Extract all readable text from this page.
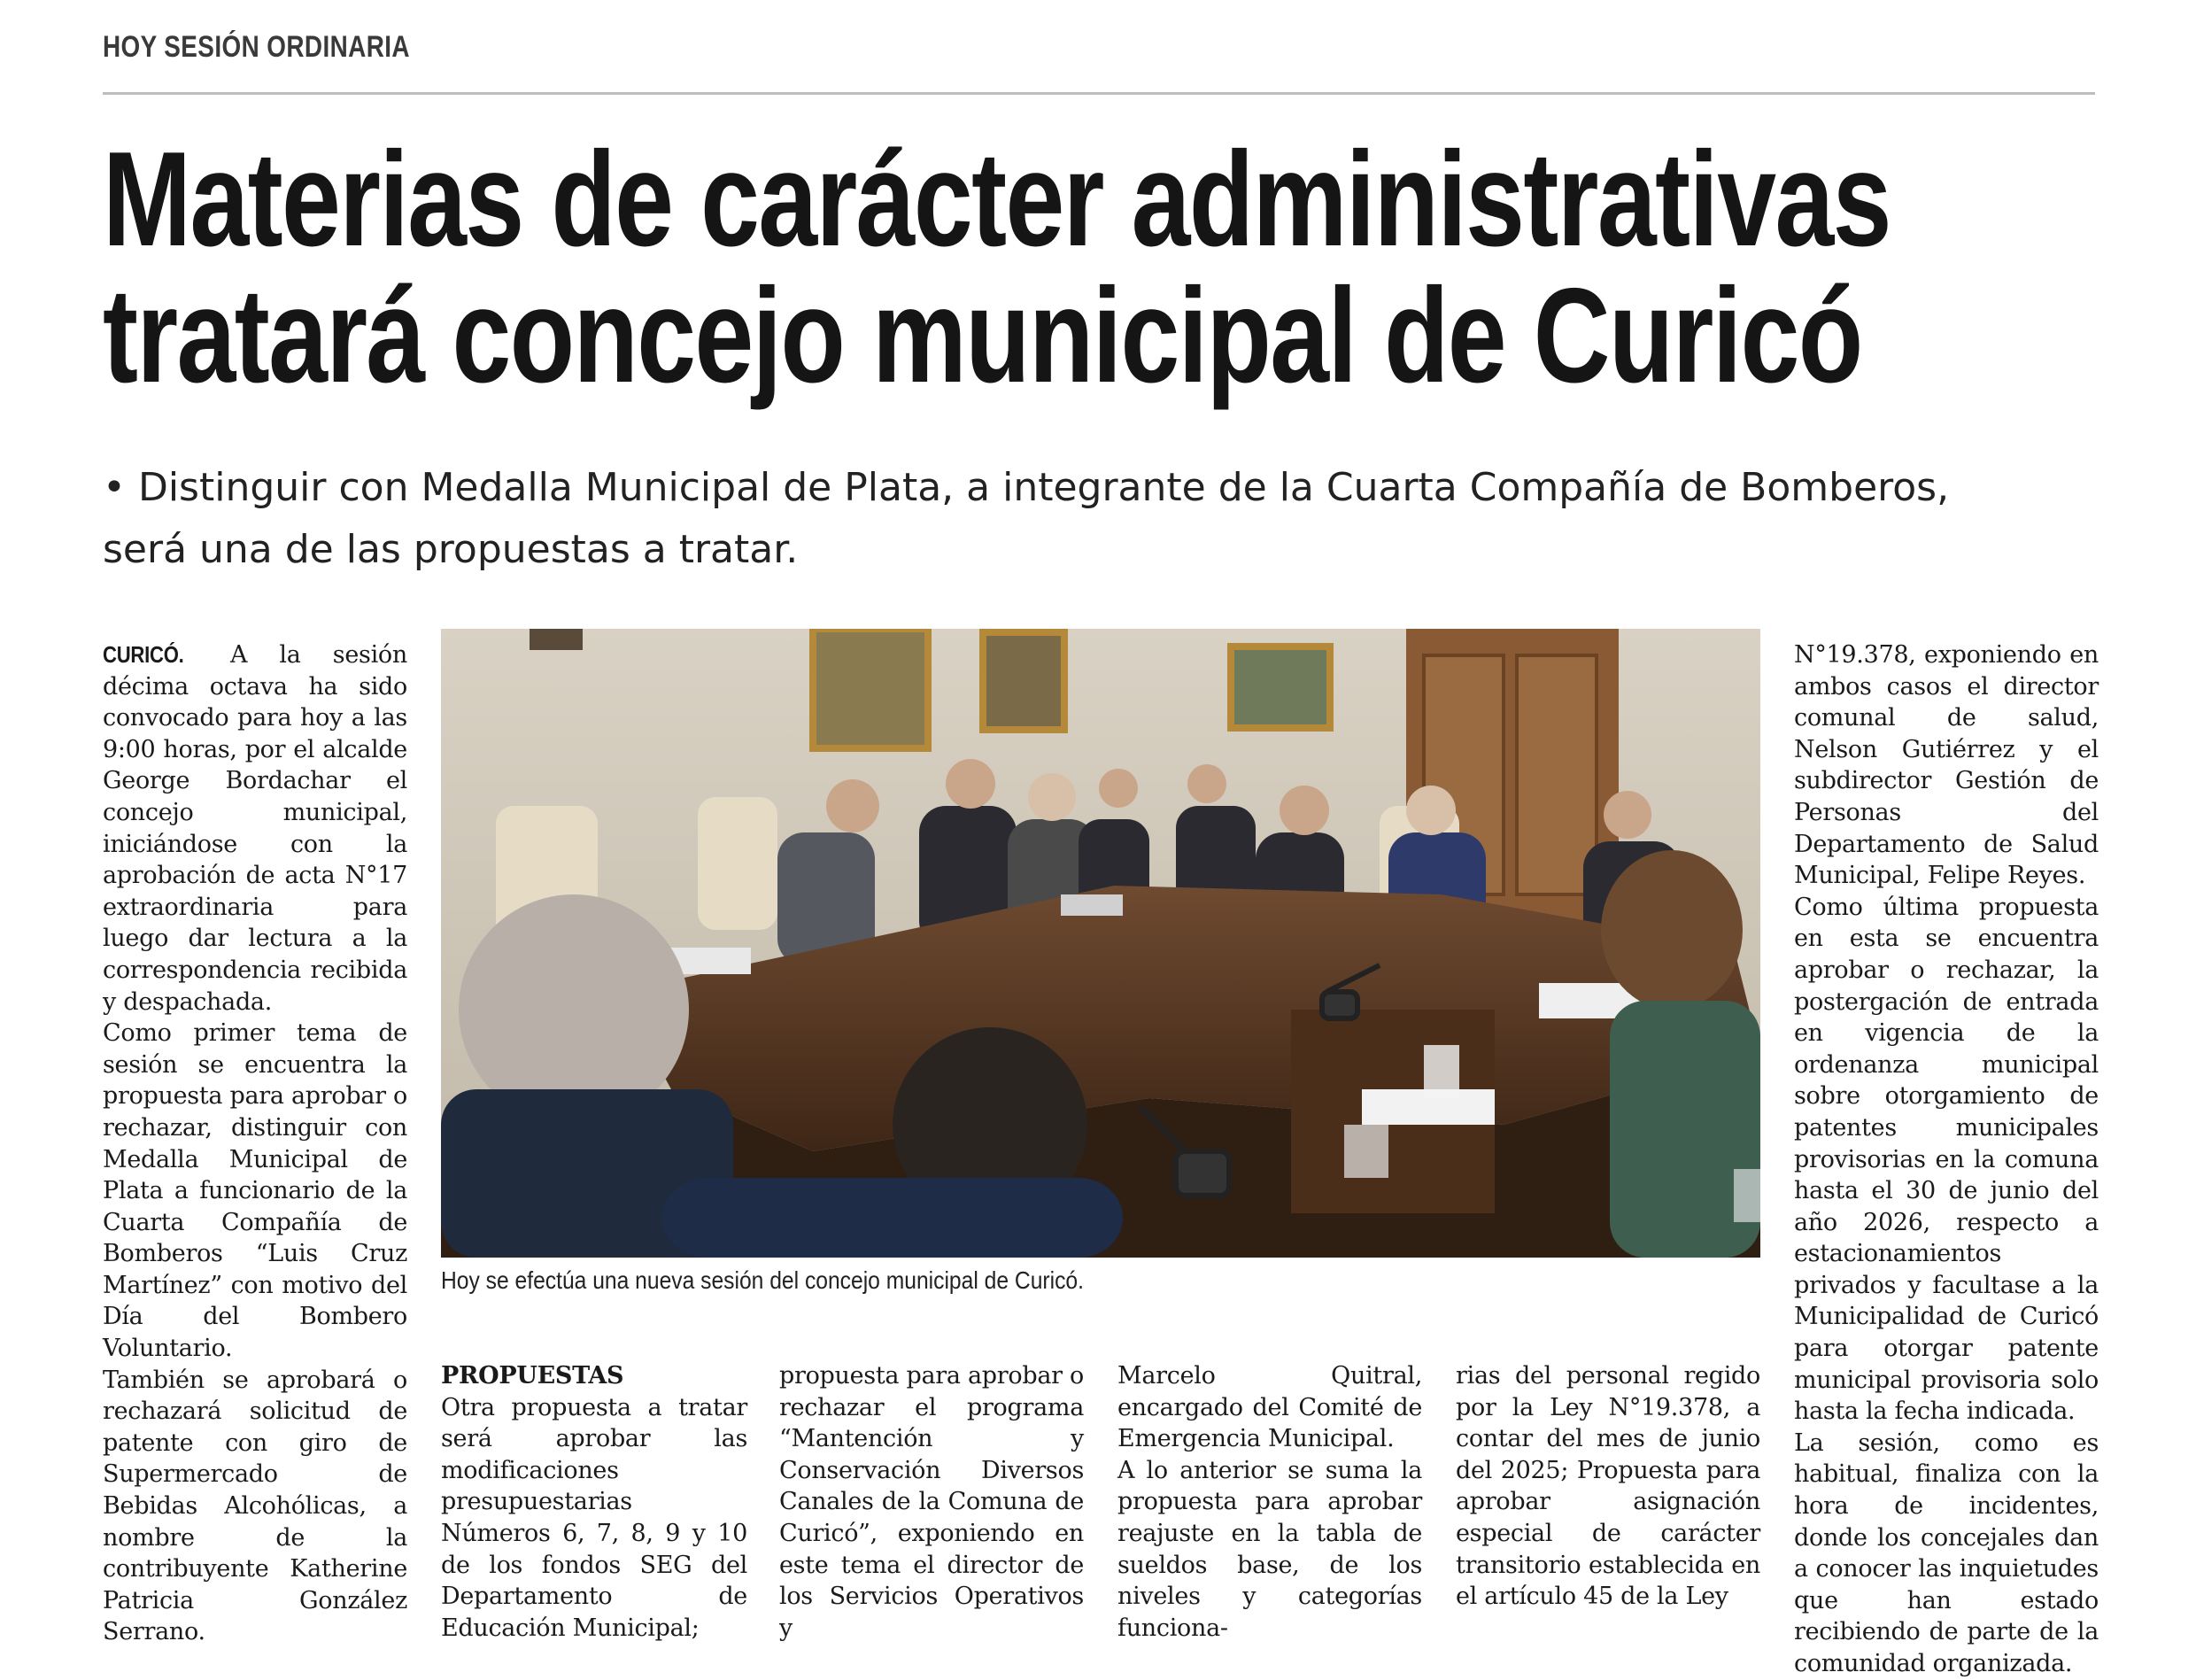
HOY SESIÓN ORDINARIA
Materias de carácter administrativas
tratará concejo municipal de Curicó
• Distinguir con Medalla Municipal de Plata, a integrante de la Cuarta Compañía de Bomberos,
será una de las propuestas a tratar.

CURICÓ. A la sesión décima octava ha sido convocado para hoy a las 9:00 horas, por el alcalde George Bordachar el concejo municipal, iniciándose con la aprobación de acta N°17 extraordinaria para luego dar lectura a la correspondencia recibida y despachada.

Como primer tema de sesión se encuentra la propuesta para aprobar o rechazar, distinguir con Medalla Municipal de Plata a funcionario de la Cuarta Compañía de Bomberos “Luis Cruz Martínez” con motivo del Día del Bombero Voluntario.

También se aprobará o rechazará solicitud de patente con giro de Supermercado de Bebidas Alcohólicas, a nombre de la contribuyente Katherine Patricia González Serrano.

Hoy se efectúa una nueva sesión del concejo municipal de Curicó.

PROPUESTAS

Otra propuesta a tratar será aprobar las modificaciones presupuestarias Números 6, 7, 8, 9 y 10 de los fondos SEG del Departamento de Educación Municipal;

propuesta para aprobar o rechazar el programa “Mantención y Conservación Diversos Canales de la Comuna de Curicó”, exponiendo en este tema el director de los Servicios Operativos y

Marcelo Quitral, encargado del Comité de Emergencia Municipal.

A lo anterior se suma la propuesta para aprobar reajuste en la tabla de sueldos base, de los niveles y categorías funciona-

rias del personal regido por la Ley N°19.378, a contar del mes de junio del 2025; Propuesta para aprobar asignación especial de carácter transitorio establecida en el artículo 45 de la Ley

N°19.378, exponiendo en ambos casos el director comunal de salud, Nelson Gutiérrez y el subdirector Gestión de Personas del Departamento de Salud Municipal, Felipe Reyes.

Como última propuesta en esta se encuentra aprobar o rechazar, la postergación de entrada en vigencia de la ordenanza municipal sobre otorgamiento de patentes municipales provisorias en la comuna hasta el 30 de junio del año 2026, respecto a estacionamientos privados y facultase a la Municipalidad de Curicó para otorgar patente municipal provisoria solo hasta la fecha indicada.

La sesión, como es habitual, finaliza con la hora de incidentes, donde los concejales dan a conocer las inquietudes que han estado recibiendo de parte de la comunidad organizada.
